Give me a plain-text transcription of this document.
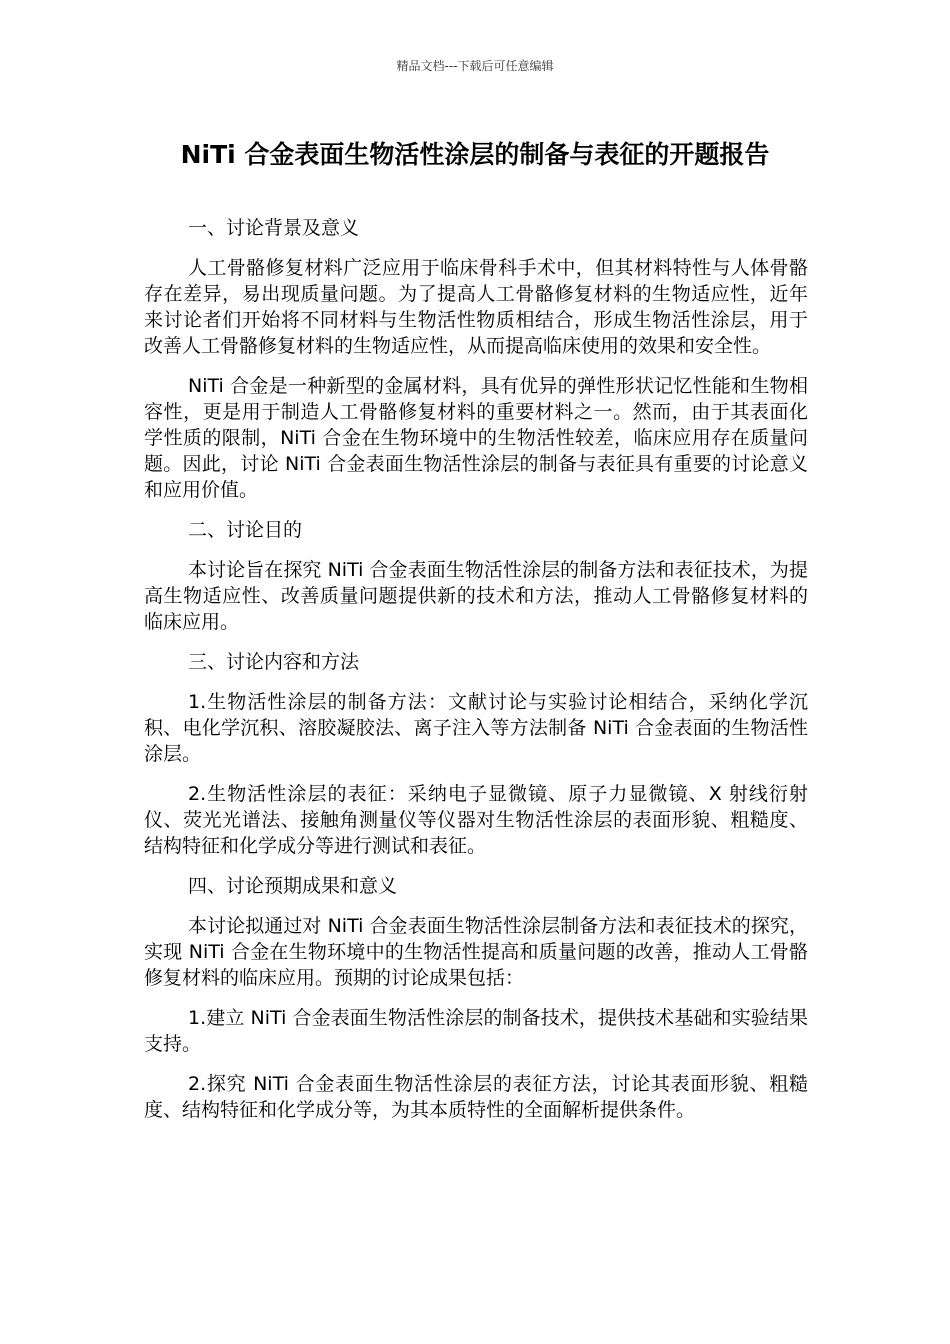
精品文档---下载后可任意编辑
NiTi 合金表面生物活性涂层的制备与表征的开题报告

一、讨论背景及意义

人工骨骼修复材料广泛应用于临床骨科手术中，但其材料特性与人体骨骼存在差异，易出现质量问题。为了提高人工骨骼修复材料的生物适应性，近年来讨论者们开始将不同材料与生物活性物质相结合，形成生物活性涂层，用于改善人工骨骼修复材料的生物适应性，从而提高临床使用的效果和安全性。

NiTi 合金是一种新型的金属材料，具有优异的弹性形状记忆性能和生物相容性，更是用于制造人工骨骼修复材料的重要材料之一。然而，由于其表面化学性质的限制，NiTi 合金在生物环境中的生物活性较差，临床应用存在质量问题。因此，讨论 NiTi 合金表面生物活性涂层的制备与表征具有重要的讨论意义和应用价值。

二、讨论目的

本讨论旨在探究 NiTi 合金表面生物活性涂层的制备方法和表征技术，为提高生物适应性、改善质量问题提供新的技术和方法，推动人工骨骼修复材料的临床应用。

三、讨论内容和方法

1.生物活性涂层的制备方法：文献讨论与实验讨论相结合，采纳化学沉积、电化学沉积、溶胶凝胶法、离子注入等方法制备 NiTi 合金表面的生物活性涂层。

2.生物活性涂层的表征：采纳电子显微镜、原子力显微镜、X 射线衍射仪、荧光光谱法、接触角测量仪等仪器对生物活性涂层的表面形貌、粗糙度、结构特征和化学成分等进行测试和表征。

四、讨论预期成果和意义

本讨论拟通过对 NiTi 合金表面生物活性涂层制备方法和表征技术的探究，实现 NiTi 合金在生物环境中的生物活性提高和质量问题的改善，推动人工骨骼修复材料的临床应用。预期的讨论成果包括：

1.建立 NiTi 合金表面生物活性涂层的制备技术，提供技术基础和实验结果支持。

2.探究 NiTi 合金表面生物活性涂层的表征方法，讨论其表面形貌、粗糙度、结构特征和化学成分等，为其本质特性的全面解析提供条件。
